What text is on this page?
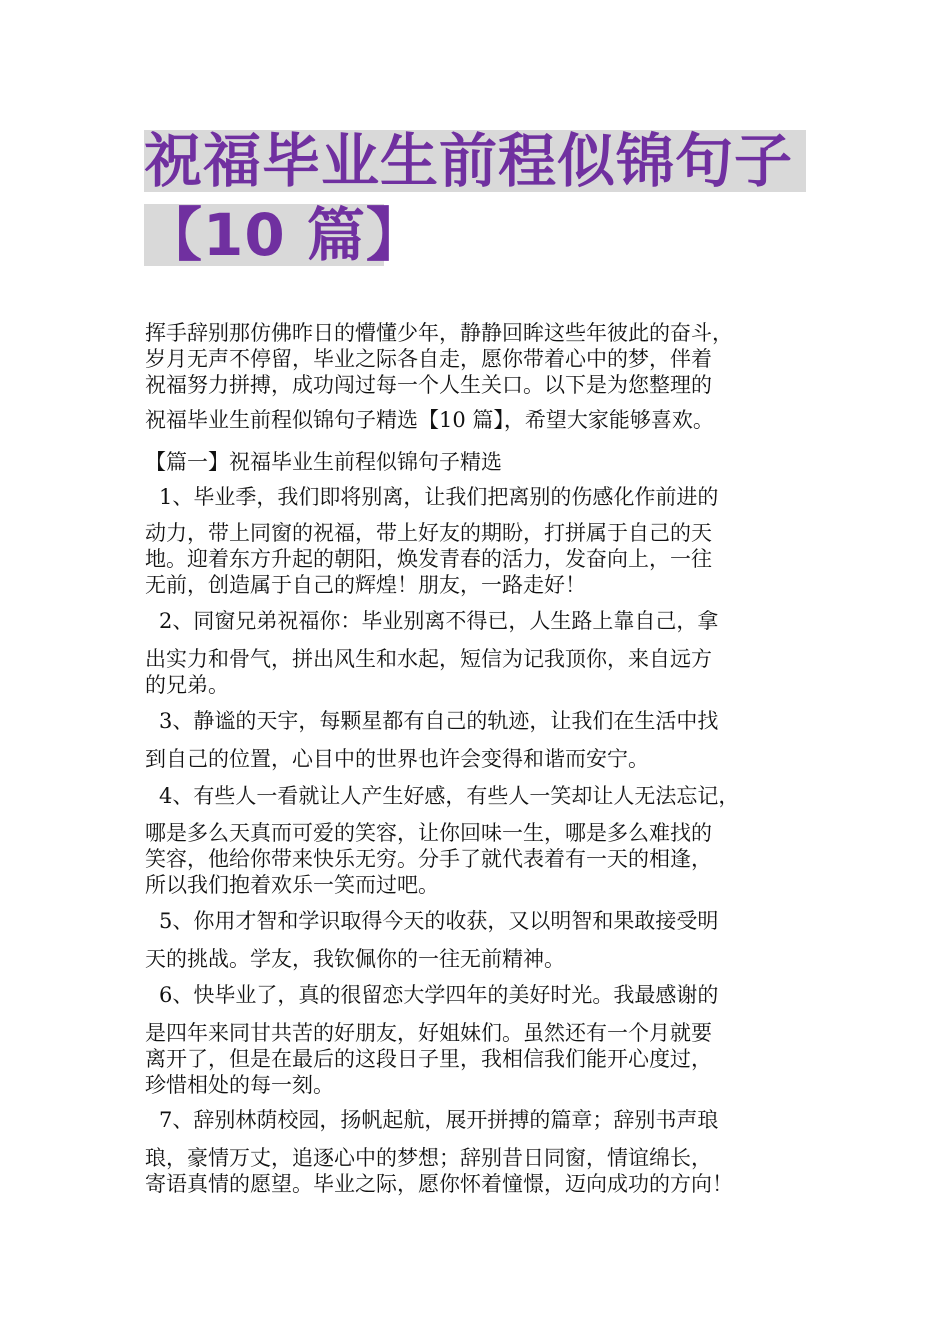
祝福毕业生前程似锦句子
【10 篇】
挥手辞别那仿佛昨日的懵懂少年，静静回眸这些年彼此的奋斗，
岁月无声不停留，毕业之际各自走，愿你带着心中的梦，伴着
祝福努力拼搏，成功闯过每一个人生关口。以下是为您整理的
祝福毕业生前程似锦句子精选【10 篇】，希望大家能够喜欢。
【篇一】祝福毕业生前程似锦句子精选
1、毕业季，我们即将别离，让我们把离别的伤感化作前进的
动力，带上同窗的祝福，带上好友的期盼，打拼属于自己的天
地。迎着东方升起的朝阳，焕发青春的活力，发奋向上，一往
无前，创造属于自己的辉煌！朋友，一路走好！
2、同窗兄弟祝福你：毕业别离不得已，人生路上靠自己，拿
出实力和骨气，拼出风生和水起，短信为记我顶你，来自远方
的兄弟。
3、静谧的天宇，每颗星都有自己的轨迹，让我们在生活中找
到自己的位置，心目中的世界也许会变得和谐而安宁。
4、有些人一看就让人产生好感，有些人一笑却让人无法忘记，
哪是多么天真而可爱的笑容，让你回味一生，哪是多么难找的
笑容，他给你带来快乐无穷。分手了就代表着有一天的相逢，
所以我们抱着欢乐一笑而过吧。
5、你用才智和学识取得今天的收获，又以明智和果敢接受明
天的挑战。学友，我钦佩你的一往无前精神。
6、快毕业了，真的很留恋大学四年的美好时光。我最感谢的
是四年来同甘共苦的好朋友，好姐妹们。虽然还有一个月就要
离开了，但是在最后的这段日子里，我相信我们能开心度过，
珍惜相处的每一刻。
7、辞别林荫校园，扬帆起航，展开拼搏的篇章；辞别书声琅
琅，豪情万丈，追逐心中的梦想；辞别昔日同窗，情谊绵长，
寄语真情的愿望。毕业之际，愿你怀着憧憬，迈向成功的方向！
